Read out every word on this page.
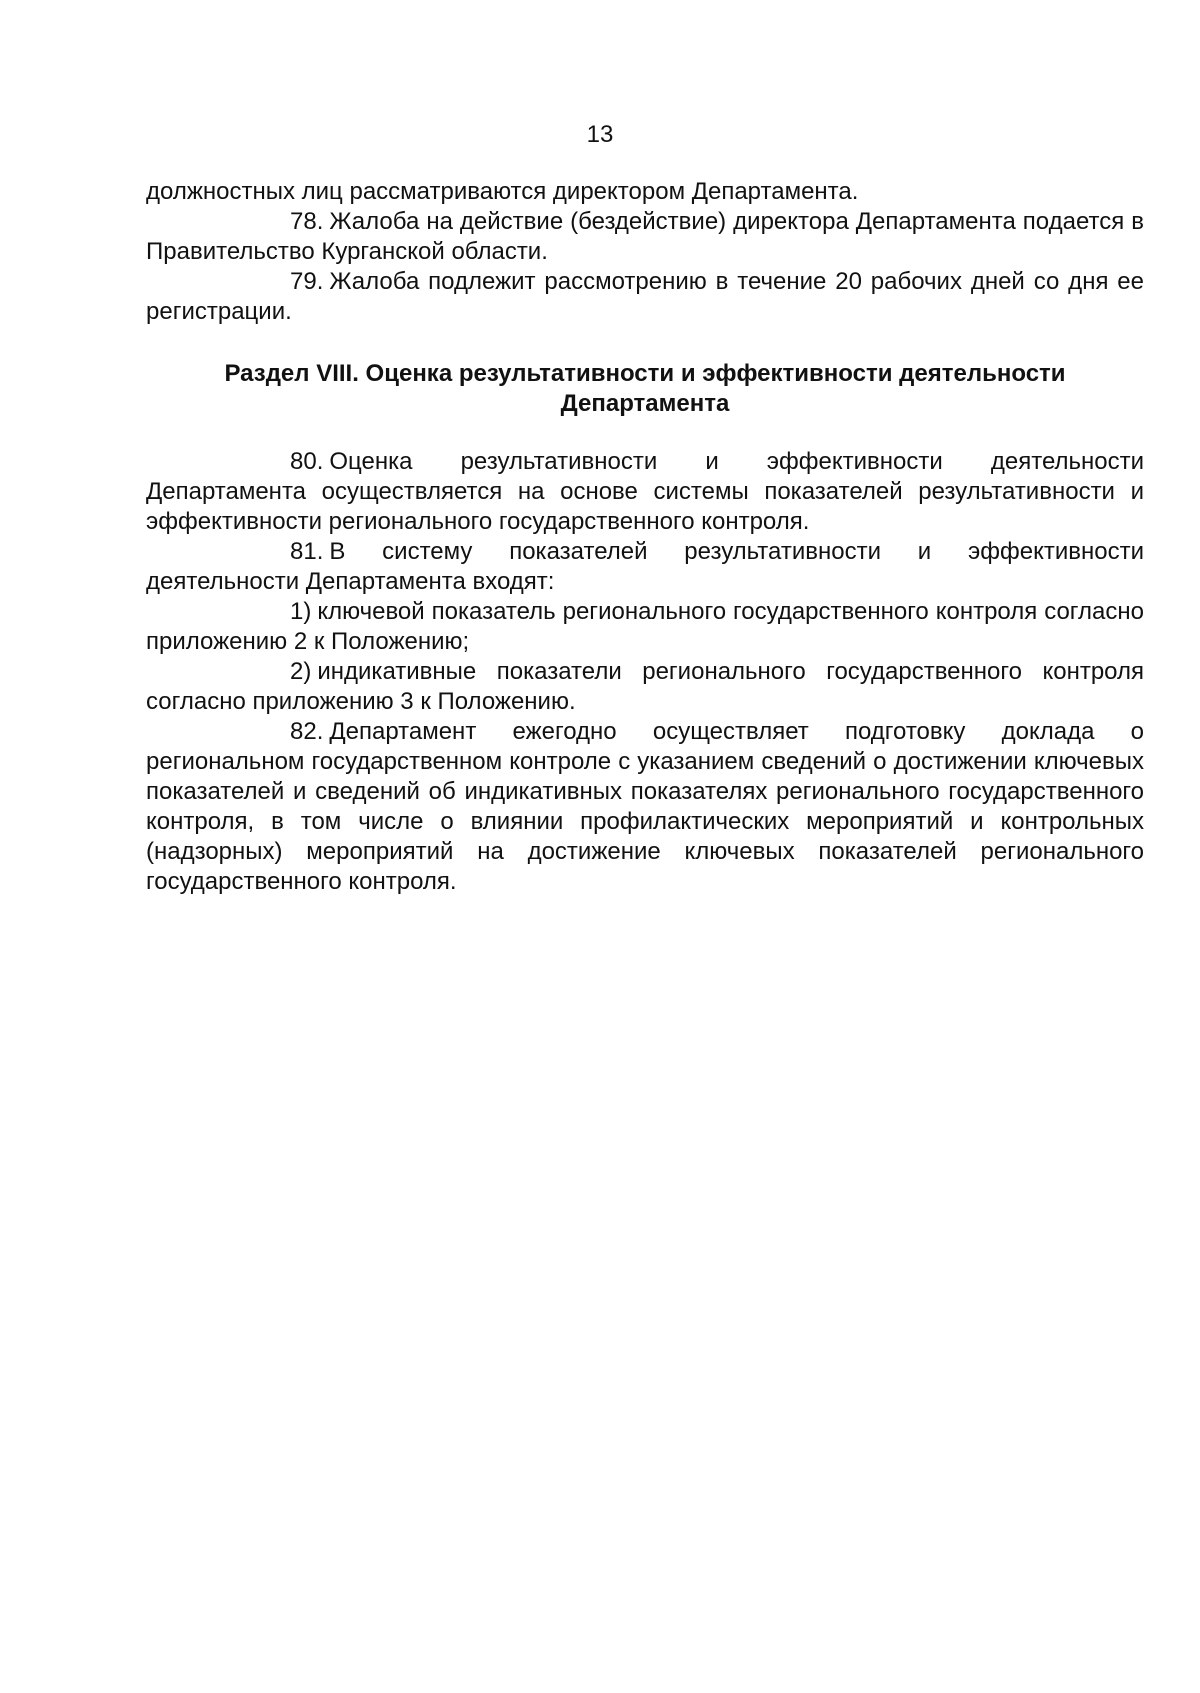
13

должностных лиц рассматриваются директором Департамента.

78. Жалоба на действие (бездействие) директора Департамента подается в Правительство Курганской области.

79. Жалоба подлежит рассмотрению в течение 20 рабочих дней со дня ее регистрации.

Раздел VIII. Оценка результативности и эффективности деятельности
Департамента

80. Оценка результативности и эффективности деятельности Департамента осуществляется на основе системы показателей результативности и эффективности регионального государственного контроля.

81. В систему показателей результативности и эффективности деятельности Департамента входят:

1) ключевой показатель регионального государственного контроля согласно приложению 2 к Положению;

2) индикативные показатели регионального государственного контроля согласно приложению 3 к Положению.

82. Департамент ежегодно осуществляет подготовку доклада о региональном государственном контроле с указанием сведений о достижении ключевых показателей и сведений об индикативных показателях регионального государственного контроля, в том числе о влиянии профилактических мероприятий и контрольных (надзорных) мероприятий на достижение ключевых показателей регионального государственного контроля.
